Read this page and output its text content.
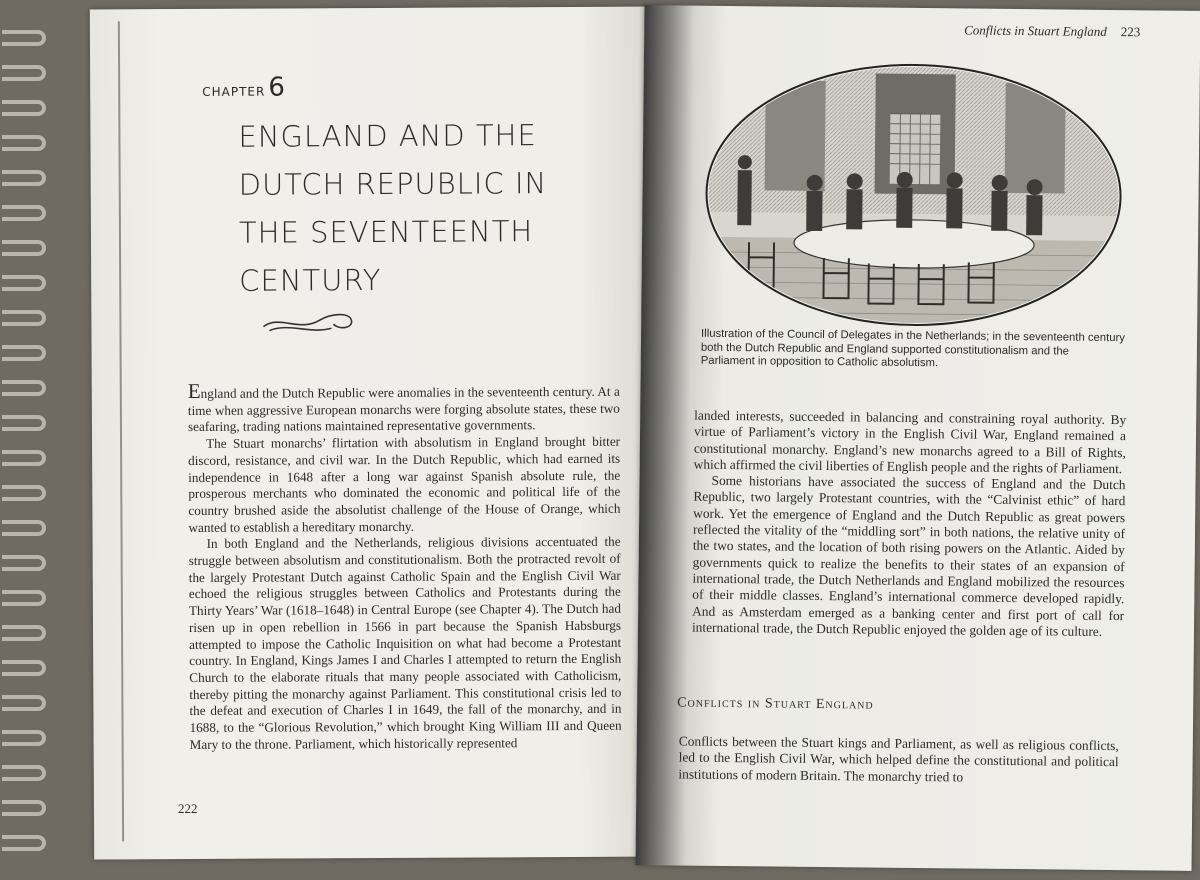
CHAPTER 6
ENGLAND AND THE
DUTCH REPUBLIC IN
THE SEVENTEENTH
CENTURY

England and the Dutch Republic were anomalies in the seventeenth century. At a time when aggressive European monarchs were forging absolute states, these two seafaring, trading nations maintained representative governments.

The Stuart monarchs’ flirtation with absolutism in England brought bitter discord, resistance, and civil war. In the Dutch Republic, which had earned its independence in 1648 after a long war against Spanish absolute rule, the prosperous merchants who dominated the economic and political life of the country brushed aside the absolutist challenge of the House of Orange, which wanted to establish a hereditary monarchy.

In both England and the Netherlands, religious divisions accentuated the struggle between absolutism and constitutionalism. Both the protracted revolt of the largely Protestant Dutch against Catholic Spain and the English Civil War echoed the religious struggles between Catholics and Protestants during the Thirty Years’ War (1618–1648) in Central Europe (see Chapter 4). The Dutch had risen up in open rebellion in 1566 in part because the Spanish Habsburgs attempted to impose the Catholic Inquisition on what had become a Protestant country. In England, Kings James I and Charles I attempted to return the English Church to the elaborate rituals that many people associated with Catholicism, thereby pitting the monarchy against Parliament. This constitutional crisis led to the defeat and execution of Charles I in 1649, the fall of the monarchy, and in 1688, to the “Glorious Revolution,” which brought King William III and Queen Mary to the throne. Parliament, which historically represented

222
Conflicts in Stuart England 223
Illustration of the Council of Delegates in the Netherlands; in the seventeenth century both the Dutch Republic and England supported constitutionalism and the Parliament in opposition to Catholic absolutism.

landed interests, succeeded in balancing and constraining royal authority. By virtue of Parliament’s victory in the English Civil War, England remained a constitutional monarchy. England’s new monarchs agreed to a Bill of Rights, which affirmed the civil liberties of English people and the rights of Parliament.

Some historians have associated the success of England and the Dutch Republic, two largely Protestant countries, with the “Calvinist ethic” of hard work. Yet the emergence of England and the Dutch Republic as great powers reflected the vitality of the “middling sort” in both nations, the relative unity of the two states, and the location of both rising powers on the Atlantic. Aided by governments quick to realize the benefits to their states of an expansion of international trade, the Dutch Netherlands and England mobilized the resources of their middle classes. England’s international commerce developed rapidly. And as Amsterdam emerged as a banking center and first port of call for international trade, the Dutch Republic enjoyed the golden age of its culture.

Conflicts in Stuart England

Conflicts between the Stuart kings and Parliament, as well as religious conflicts, led to the English Civil War, which helped define the constitutional and political institutions of modern Britain. The monarchy tried to
